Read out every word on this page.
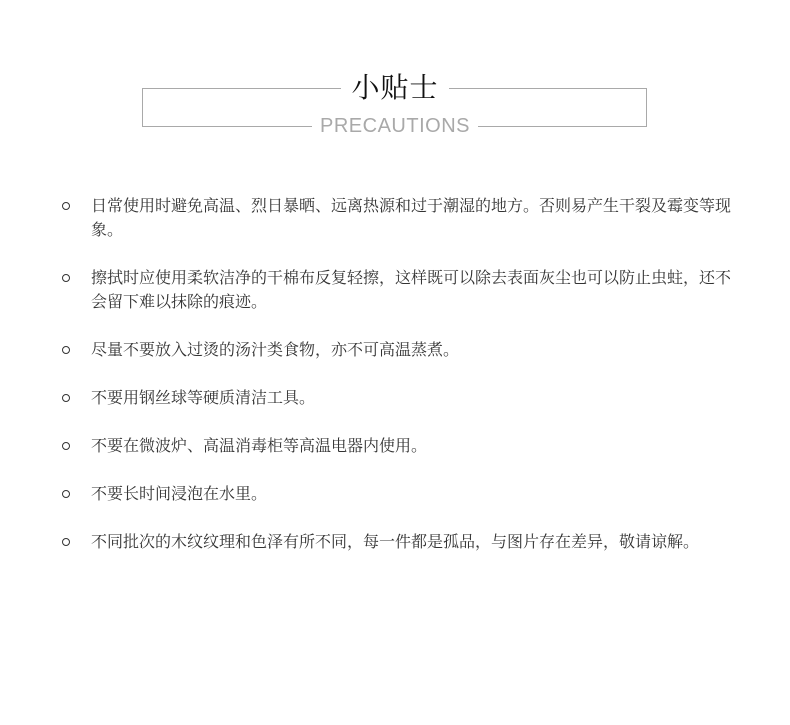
小贴士
PRECAUTIONS
日常使用时避免高温、烈日暴晒、远离热源和过于潮湿的地方。否则易产生干裂及霉变等现象。
擦拭时应使用柔软洁净的干棉布反复轻擦，这样既可以除去表面灰尘也可以防止虫蛀，还不会留下难以抹除的痕迹。
尽量不要放入过烫的汤汁类食物，亦不可高温蒸煮。
不要用钢丝球等硬质清洁工具。
不要在微波炉、高温消毒柜等高温电器内使用。
不要长时间浸泡在水里。
不同批次的木纹纹理和色泽有所不同，每一件都是孤品，与图片存在差异，敬请谅解。
